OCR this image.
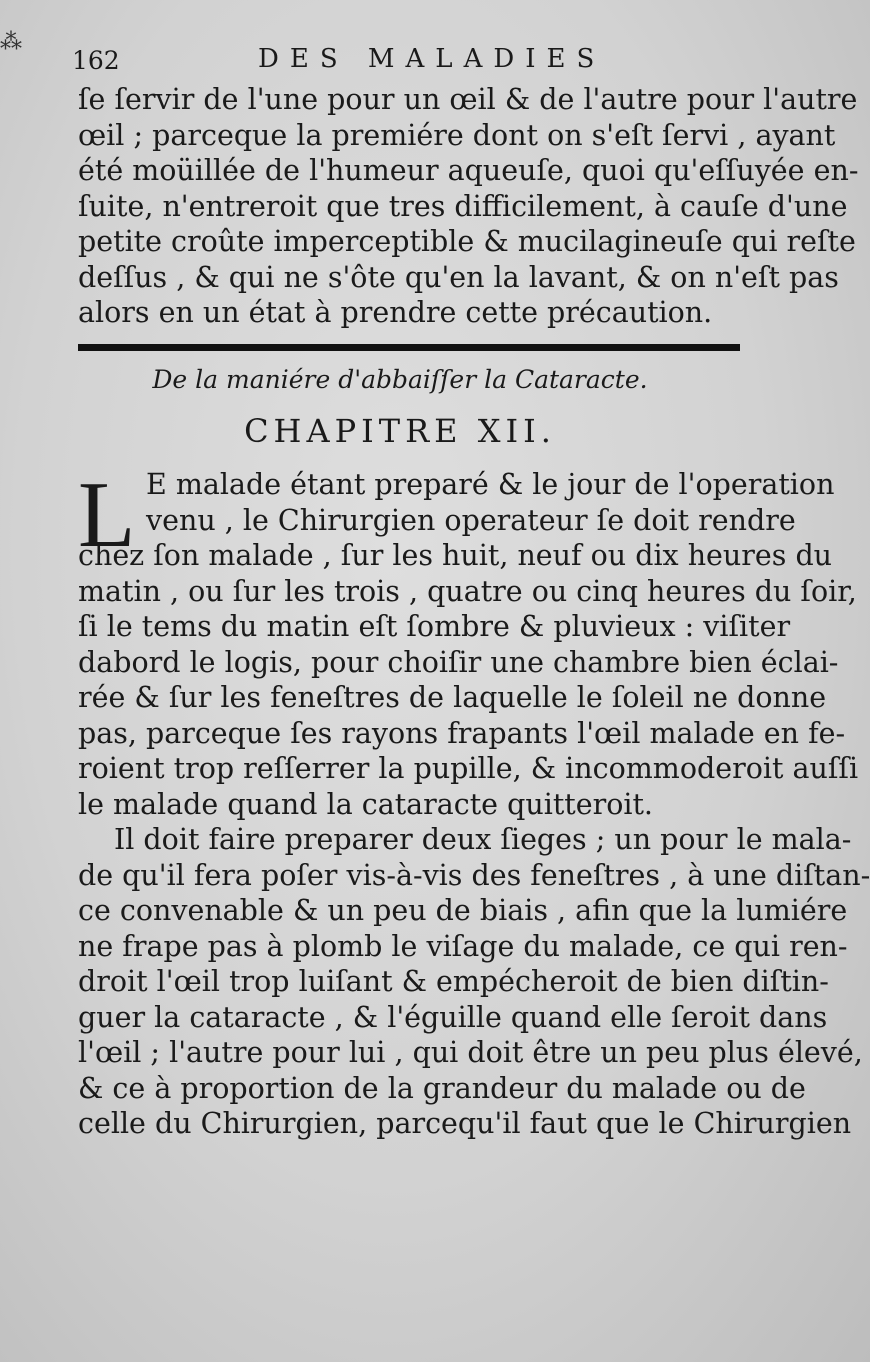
⁂
162	DES MALADIES
ſe ſervir de l'une pour un œil & de l'autre pour l'autre
œil ; parceque la premiére dont on s'eſt ſervi , ayant
été moüillée de l'humeur aqueuſe, quoi qu'eſſuyée en-
ſuite, n'entreroit que tres difficilement, à cauſe d'une
petite croûte imperceptible & mucilagineuſe qui reſte
deſſus , & qui ne s'ôte qu'en la lavant, & on n'eſt pas
alors en un état à prendre cette précaution.
De la maniére d'abbaiſſer la Cataracte.
CHAPITRE XII.
L E malade étant preparé & le jour de l'operation
venu , le Chirurgien operateur ſe doit rendre
chez ſon malade , ſur les huit, neuf ou dix heures du
matin , ou ſur les trois , quatre ou cinq heures du ſoir,
ſi le tems du matin eſt ſombre & pluvieux : viſiter
dabord le logis, pour choiſir une chambre bien éclai-
rée & ſur les feneſtres de laquelle le ſoleil ne donne
pas, parceque ſes rayons frapants l'œil malade en fe-
roient trop reſſerrer la pupille, & incommoderoit auſſi
le malade quand la cataracte quitteroit.
Il doit faire preparer deux ſieges ; un pour le mala-
de qu'il fera poſer vis-à-vis des feneſtres , à une diſtan-
ce convenable & un peu de biais , afin que la lumiére
ne frape pas à plomb le viſage du malade, ce qui ren-
droit l'œil trop luiſant & empécheroit de bien diſtin-
guer la cataracte , & l'éguille quand elle ſeroit dans
l'œil ; l'autre pour lui , qui doit être un peu plus élevé,
& ce à proportion de la grandeur du malade ou de
celle du Chirurgien, parcequ'il faut que le Chirurgien
